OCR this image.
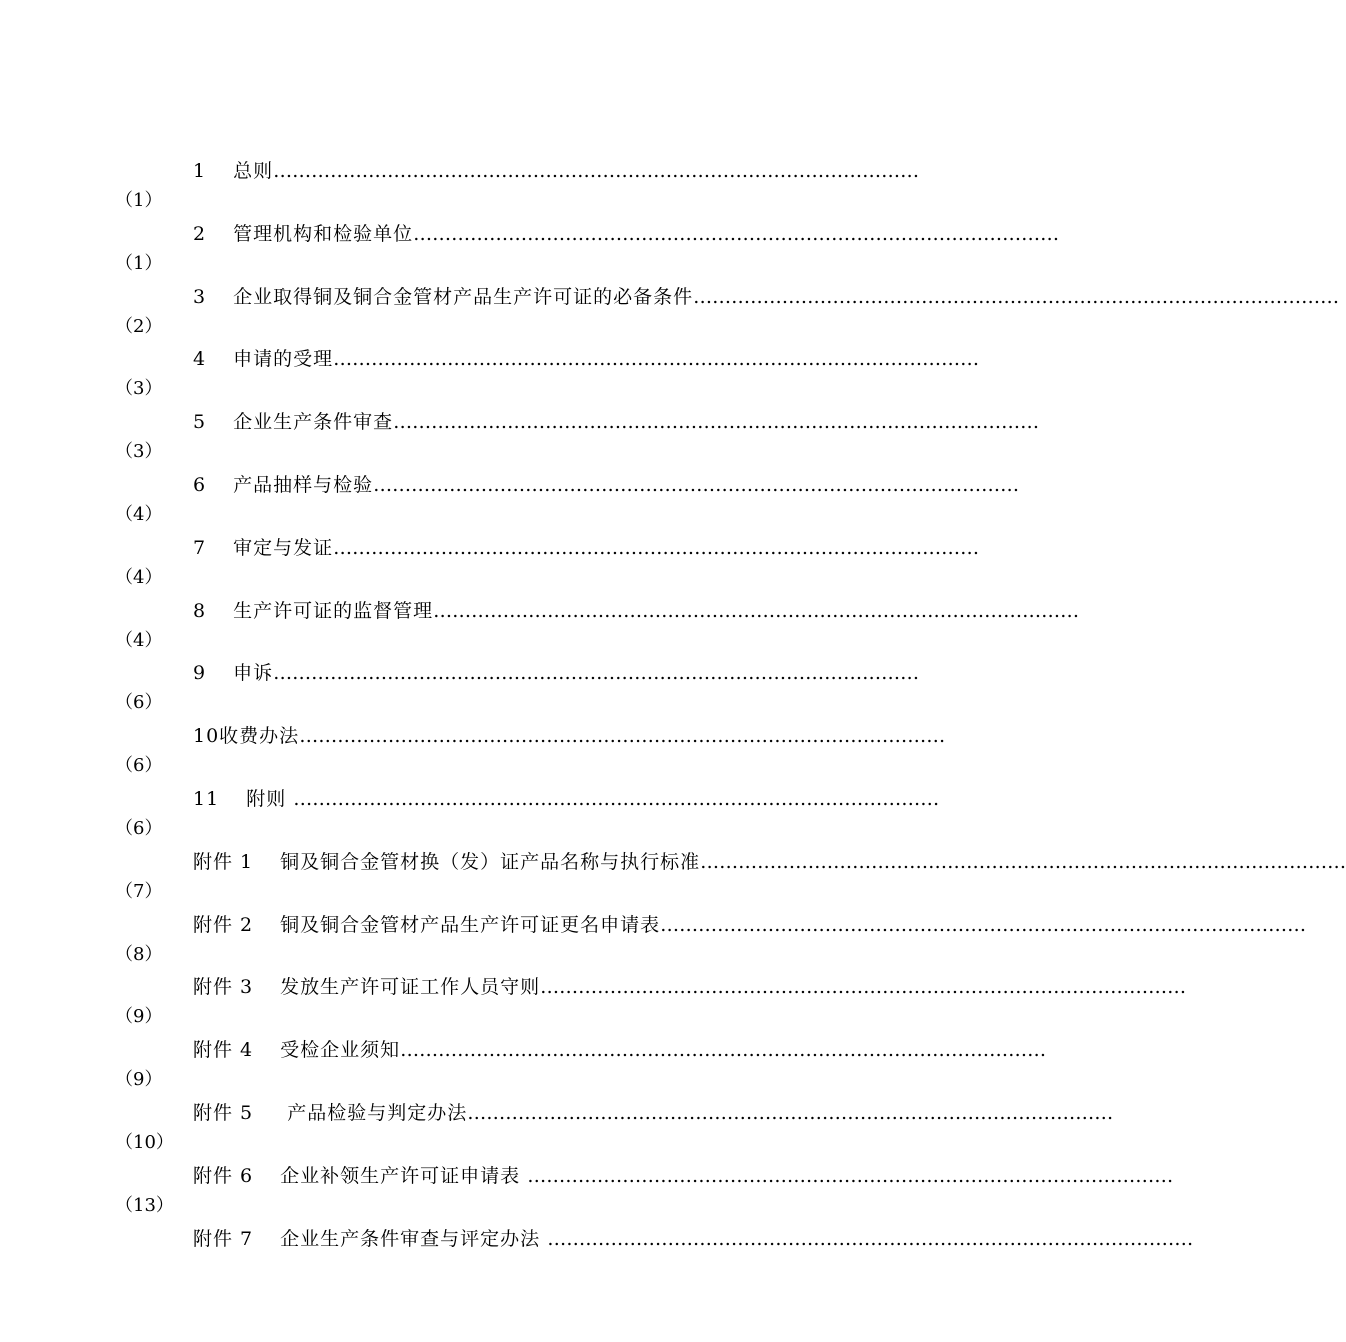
1　 总则 …………………………………………………………………………………………
（1）
2　 管理机构和检验单位 …………………………………………………………………………………………
（1）
3　 企业取得铜及铜合金管材产品生产许可证的必备条件 …………………………………………………………………………………………
（2）
4　 申请的受理 …………………………………………………………………………………………
（3）
5　 企业生产条件审查 …………………………………………………………………………………………
（3）
6　 产品抽样与检验 …………………………………………………………………………………………
（4）
7　 审定与发证 …………………………………………………………………………………………
（4）
8　 生产许可证的监督管理 …………………………………………………………………………………………
（4）
9　 申诉 …………………………………………………………………………………………
（6）
10收费办法 …………………………………………………………………………………………
（6）
11　 附则 …………………………………………………………………………………………
（6）
附件 1　 铜及铜合金管材换（发）证产品名称与执行标准 …………………………………………………………………………………………
（7）
附件 2　 铜及铜合金管材产品生产许可证更名申请表 …………………………………………………………………………………………
（8）
附件 3　 发放生产许可证工作人员守则 …………………………………………………………………………………………
（9）
附件 4　 受检企业须知 …………………………………………………………………………………………
（9）
附件 5　  产品检验与判定办法 …………………………………………………………………………………………
（10）
附件 6　 企业补领生产许可证申请表 …………………………………………………………………………………………
（13）
附件 7　 企业生产条件审查与评定办法 …………………………………………………………………………………………
